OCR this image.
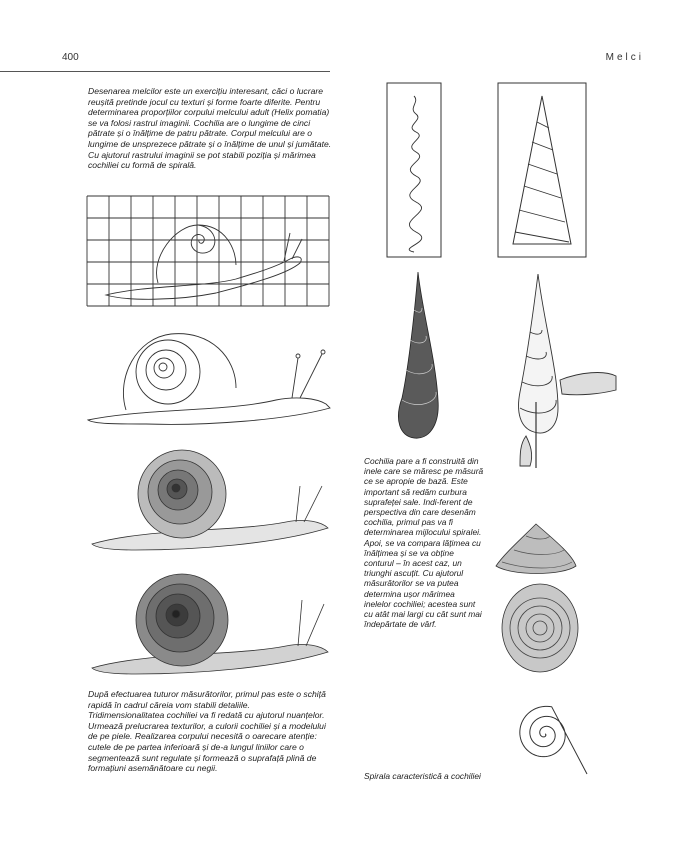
400	Melci
Desenarea melcilor este un exercițiu interesant, căci o lucrare reușită pretinde jocul cu texturi și forme foarte diferite. Pentru determinarea proporțiilor corpului melcului adult (Helix pomatia) se va folosi rastrul imaginii. Cochilia are o lungime de cinci pătrate și o înălțime de patru pătrate. Corpul melcului are o lungime de unsprezece pătrate și o înălțime de unul și jumătate. Cu ajutorul rastrului imaginii se pot stabili poziția și mărimea cochiliei cu formă de spirală.
Cochilia pare a fi construită din inele care se măresc pe măsură ce se apropie de bază. Este important să redăm curbura suprafeței sale. Indi-ferent de perspectiva din care desenăm cochilia, primul pas va fi determinarea mijlocului spiralei. Apoi, se va compara lățimea cu înălțimea și se va obține conturul – în acest caz, un triunghi ascuțit. Cu ajutorul măsurătorilor se va putea determina ușor mărimea inelelor cochiliei; acestea sunt cu atât mai largi cu cât sunt mai îndepărtate de vârf.
După efectuarea tuturor măsurătorilor, primul pas este o schiță rapidă în cadrul căreia vom stabili detaliile. Tridimensionalitatea cochiliei va fi redată cu ajutorul nuanțelor. Urmează prelucrarea texturilor, a culorii cochiliei și a modelului de pe piele. Realizarea corpului necesită o oarecare atenție: cutele de pe partea inferioară și de-a lungul liniilor care o segmentează sunt regulate și formează o suprafață plină de formațiuni asemănătoare cu negii.
Spirala caracteristică a cochiliei
